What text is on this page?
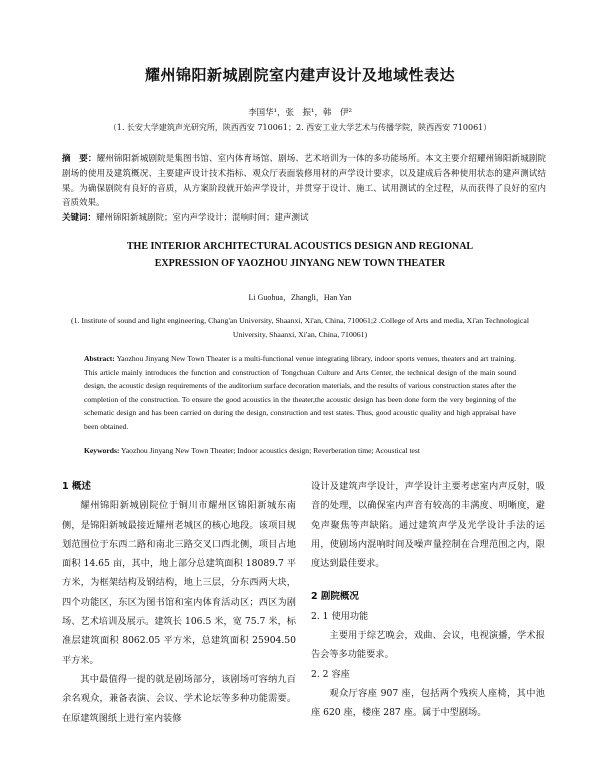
耀州锦阳新城剧院室内建声设计及地域性表达
李国华¹，张　振¹，韩　伊²
（1. 长安大学建筑声光研究所，陕西西安 710061；2. 西安工业大学艺术与传播学院，陕西西安 710061）
摘　要：耀州锦阳新城剧院是集图书馆、室内体育场馆、剧场、艺术培训为一体的多功能场所。本文主要介绍耀州锦阳新城剧院剧场的使用及建筑概况、主要建声设计技术指标、观众厅表面装修用材的声学设计要求，以及建成后各种使用状态的建声测试结果。为确保剧院有良好的音质，从方案阶段就开始声学设计，并贯穿于设计、施工、试用测试的全过程，从而获得了良好的室内音质效果。
关键词：耀州锦阳新城剧院；室内声学设计；混响时间；建声测试
THE INTERIOR ARCHITECTURAL ACOUSTICS DESIGN AND REGIONAL
EXPRESSION OF YAOZHOU JINYANG NEW TOWN THEATER
Li Guohua，Zhangli，Han Yan
(1. Institute of sound and light engineering, Chang'an University, Shaanxi, Xi'an, China, 710061;2 .College of Arts and media, Xi'an Technological University, Shaanxi, Xi'an, China, 710061)
Abstract: Yaozhou Jinyang New Town Theater is a multi-functional venue integrating library, indoor sports venues, theaters and art training. This article mainly introduces the function and construction of Tongchuan Culture and Arts Center, the technical design of the main sound design, the acoustic design requirements of the auditorium surface decoration materials, and the results of various construction states after the completion of the construction. To ensure the good acoustics in the theater,the acoustic design has been done form the very beginning of the schematic design and has been carried on during the design, construction and test states. Thus, good acoustic quality and high appraisal have been obtained.
Keywords: Yaozhou Jinyang New Town Theater; Indoor acoustics design; Reverberation time; Acoustical test
1 概述

耀州锦阳新城剧院位于铜川市耀州区锦阳新城东南侧，是锦阳新城最接近耀州老城区的核心地段。该项目规划范围位于东西二路和南北三路交叉口西北侧，项目占地面积 14.65 亩，其中，地上部分总建筑面积 18089.7 平方米，为框架结构及钢结构，地上三层，分东西两大块，四个功能区，东区为图书馆和室内体育活动区；西区为剧场、艺术培训及展示。建筑长 106.5 米，宽 75.7 米，标准层建筑面积 8062.05 平方米，总建筑面积 25904.50 平方米。

其中最值得一提的就是剧场部分，该剧场可容纳九百余名观众，兼备表演、会议、学术论坛等多种功能需要。在原建筑图纸上进行室内装修

设计及建筑声学设计，声学设计主要考虑室内声反射，吸音的处理，以确保室内声音有较高的丰满度、明晰度，避免声聚焦等声缺陷。通过建筑声学及光学设计手法的运用，使剧场内混响时间及噪声量控制在合理范围之内，限度达到最佳要求。

2 剧院概况
2. 1 使用功能

主要用于综艺晚会，戏曲、会议，电视演播，学术报告会等多功能要求。

2. 2 容座

观众厅容座 907 座，包括两个残疾人座椅，其中池座 620 座，楼座 287 座。属于中型剧场。
